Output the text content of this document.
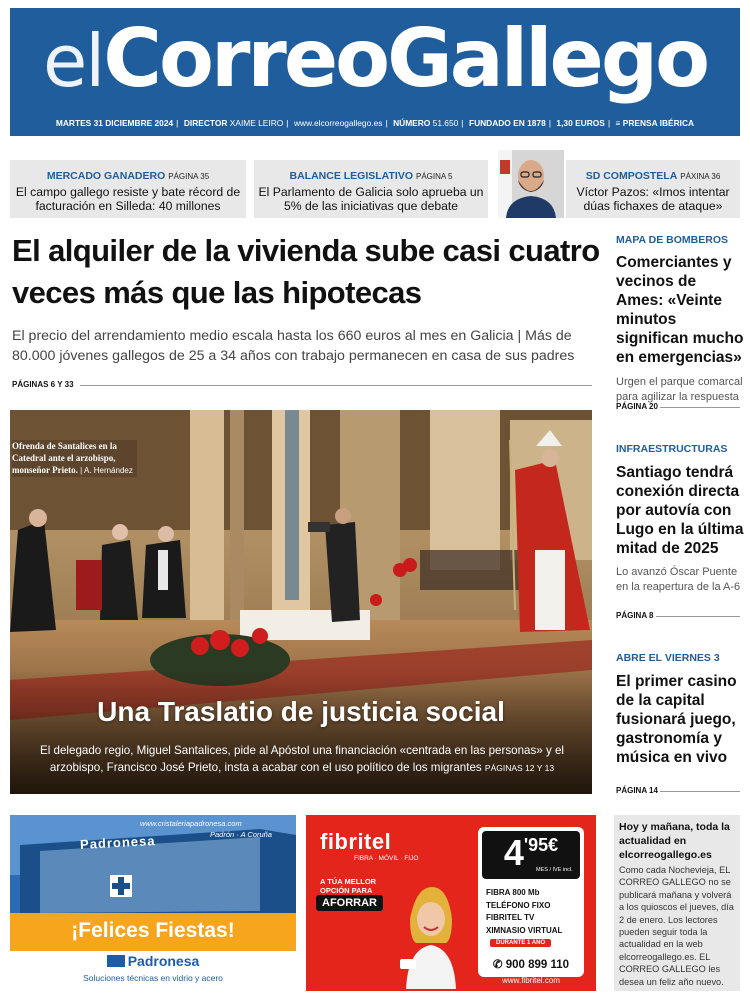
elCorreoGallego
MARTES 31 DICIEMBRE 2024 | DIRECTOR XAIME LEIRO | www.elcorreogallego.es | NÚMERO 51.650 | FUNDADO EN 1878 | 1,30 EUROS | ≡ PRENSA IBÉRICA
MERCADO GANADERO PÁGINA 35
El campo gallego resiste y bate récord de facturación en Silleda: 40 millones
BALANCE LEGISLATIVO PÁGINA 5
El Parlamento de Galicia solo aprueba un 5% de las iniciativas que debate
SD COMPOSTELA PÁXINA 36
Víctor Pazos: «Imos intentar dúas fichaxes de ataque»
El alquiler de la vivienda sube casi cuatro veces más que las hipotecas

El precio del arrendamiento medio escala hasta los 660 euros al mes en Galicia | Más de 80.000 jóvenes gallegos de 25 a 34 años con trabajo permanecen en casa de sus padres

PÁGINAS 6 Y 33
Ofrenda de Santalices en la Catedral ante el arzobispo, monseñor Prieto. | A. Hernández
Una Traslatio de justicia social
El delegado regio, Miguel Santalices, pide al Apóstol una financiación «centrada en las personas» y el arzobispo, Francisco José Prieto, insta a acabar con el uso político de los migrantes PÁGINAS 12 Y 13
MAPA DE BOMBEROS
Comerciantes y vecinos de Ames: «Veinte minutos significan mucho en emergencias»
Urgen el parque comarcal para agilizar la respuesta
PÁGINA 20
INFRAESTRUCTURAS
Santiago tendrá conexión directa por autovía con Lugo en la última mitad de 2025
Lo avanzó Óscar Puente en la reapertura de la A-6
PÁGINA 8
ABRE EL VIERNES 3
El primer casino de la capital fusionará juego, gastronomía y música en vivo
PÁGINA 14
www.cristaleriapadronesa.com
Padrón · A Coruña
Padronesa
¡Felices Fiestas!
Padronesa
Soluciones técnicas en vidrio y acero
fibritel
FIBRA · MÓVIL · FIJO
A TÚA MELLOR
OPCIÓN PARA
AFORRAR
4'95€
MES / IVE incl.
FIBRA 800 Mb
TELÉFONO FIXO
FIBRITEL TV
XIMNASIO VIRTUAL
DURANTE 1 ANO
✆ 900 899 110
www.fibritel.com
Hoy y mañana, toda la actualidad en elcorreogallego.es
Como cada Nochevieja, EL CORREO GALLEGO no se publicará mañana y volverá a los quioscos el jueves, día 2 de enero. Los lectores pueden seguir toda la actualidad en la web elcorreogallego.es. EL CORREO GALLEGO les desea un feliz año nuevo.
